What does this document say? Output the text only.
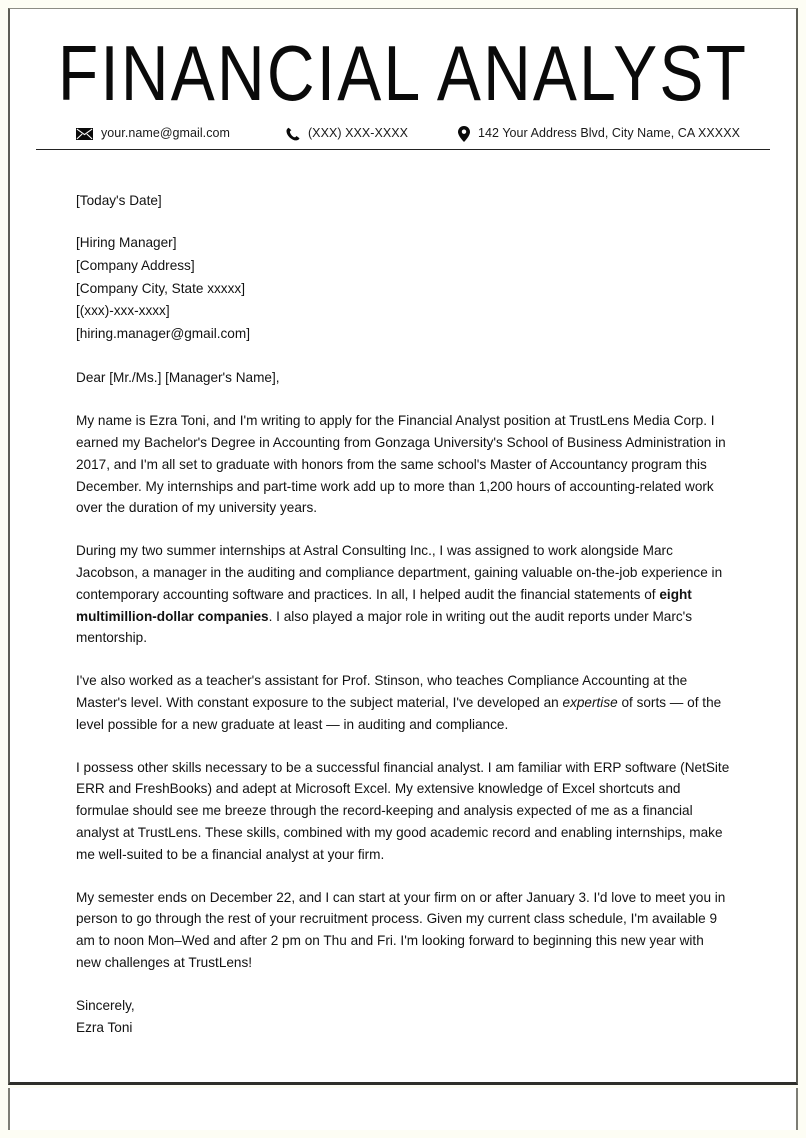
FINANCIAL ANALYST
your.name@gmail.com	(XXX) XXX-XXXX	142 Your Address Blvd, City Name, CA XXXXX

[Today's Date]

[Hiring Manager]

[Company Address]

[Company City, State xxxxx]

[(xxx)-xxx-xxxx]

[hiring.manager@gmail.com]

Dear [Mr./Ms.] [Manager's Name],

My name is Ezra Toni, and I'm writing to apply for the Financial Analyst position at TrustLens Media Corp. I earned my Bachelor's Degree in Accounting from Gonzaga University's School of Business Administration in 2017, and I'm all set to graduate with honors from the same school's Master of Accountancy program this December. My internships and part-time work add up to more than 1,200 hours of accounting-related work over the duration of my university years.

During my two summer internships at Astral Consulting Inc., I was assigned to work alongside Marc Jacobson, a manager in the auditing and compliance department, gaining valuable on-the-job experience in contemporary accounting software and practices. In all, I helped audit the financial statements of eight multimillion-dollar companies. I also played a major role in writing out the audit reports under Marc's mentorship.

I've also worked as a teacher's assistant for Prof. Stinson, who teaches Compliance Accounting at the Master's level. With constant exposure to the subject material, I've developed an expertise of sorts — of the level possible for a new graduate at least — in auditing and compliance.

I possess other skills necessary to be a successful financial analyst. I am familiar with ERP software (NetSite ERR and FreshBooks) and adept at Microsoft Excel. My extensive knowledge of Excel shortcuts and formulae should see me breeze through the record-keeping and analysis expected of me as a financial analyst at TrustLens. These skills, combined with my good academic record and enabling internships, make me well-suited to be a financial analyst at your firm.

My semester ends on December 22, and I can start at your firm on or after January 3. I'd love to meet you in person to go through the rest of your recruitment process. Given my current class schedule, I'm available 9 am to noon Mon–Wed and after 2 pm on Thu and Fri. I'm looking forward to beginning this new year with new challenges at TrustLens!

Sincerely,

Ezra Toni
